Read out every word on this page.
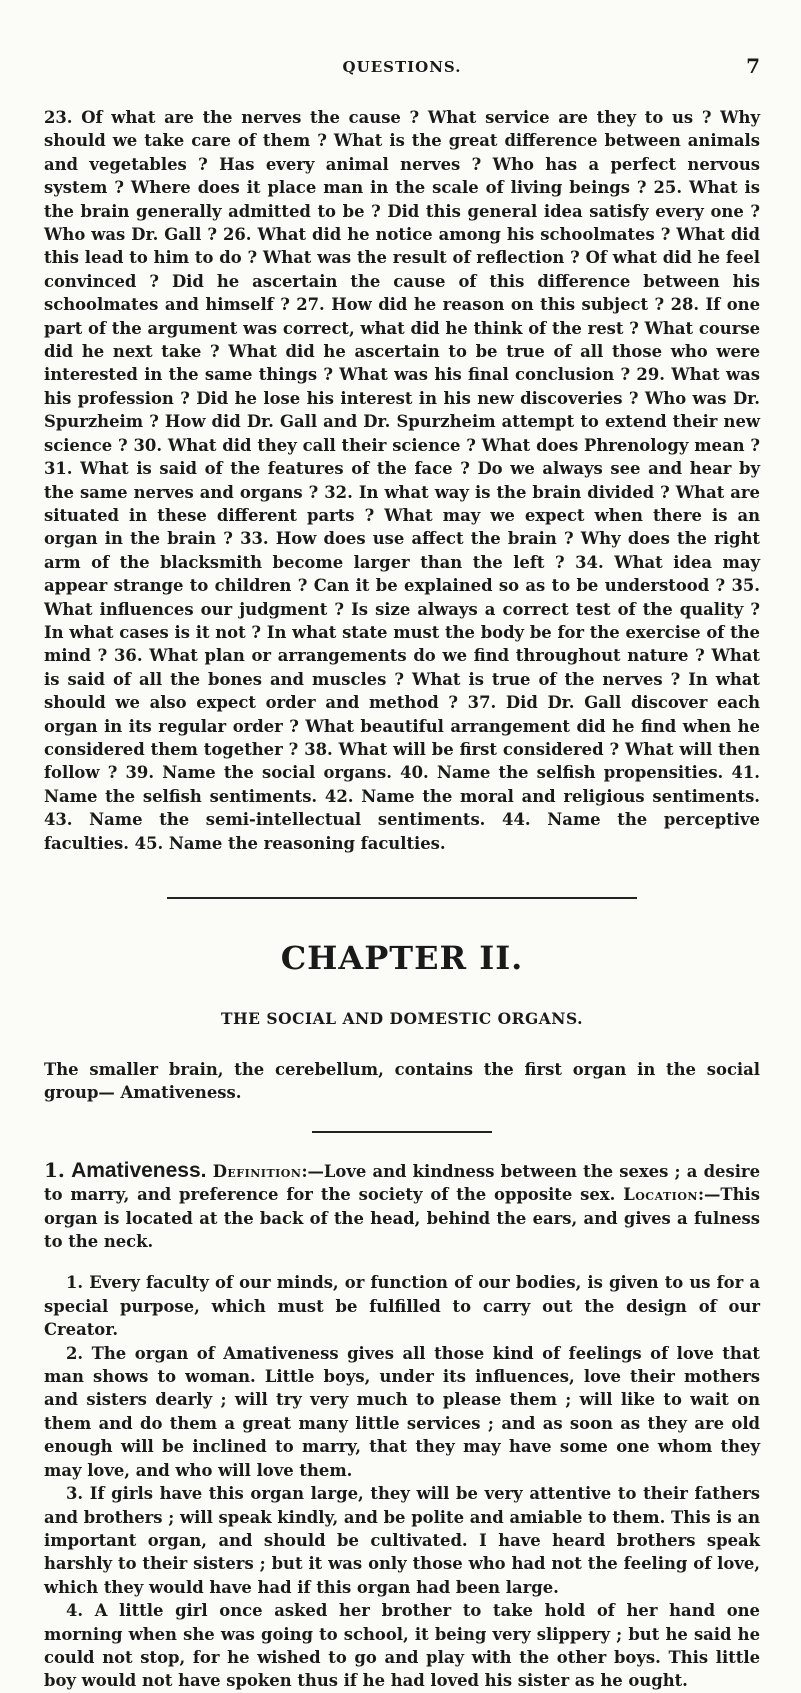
QUESTIONS.	7

23. Of what are the nerves the cause ? What service are they to us ? Why should we take care of them ? What is the great difference between animals and vegetables ? Has every animal nerves ? Who has a perfect nervous system ? Where does it place man in the scale of living beings ? 25. What is the brain generally admitted to be ? Did this general idea satisfy every one ? Who was Dr. Gall ? 26. What did he notice among his schoolmates ? What did this lead to him to do ? What was the result of reflection ? Of what did he feel convinced ? Did he ascertain the cause of this difference between his schoolmates and himself ? 27. How did he reason on this subject ? 28. If one part of the argument was correct, what did he think of the rest ? What course did he next take ? What did he ascertain to be true of all those who were interested in the same things ? What was his final conclusion ? 29. What was his profession ? Did he lose his interest in his new discoveries ? Who was Dr. Spurzheim ? How did Dr. Gall and Dr. Spurzheim attempt to extend their new science ? 30. What did they call their science ? What does Phrenology mean ? 31. What is said of the features of the face ? Do we always see and hear by the same nerves and organs ? 32. In what way is the brain divided ? What are situated in these different parts ? What may we expect when there is an organ in the brain ? 33. How does use affect the brain ? Why does the right arm of the blacksmith become larger than the left ? 34. What idea may appear strange to children ? Can it be explained so as to be understood ? 35. What influences our judgment ? Is size always a correct test of the quality ? In what cases is it not ? In what state must the body be for the exercise of the mind ? 36. What plan or arrangements do we find throughout nature ? What is said of all the bones and muscles ? What is true of the nerves ? In what should we also expect order and method ? 37. Did Dr. Gall discover each organ in its regular order ? What beautiful arrangement did he find when he considered them together ? 38. What will be first considered ? What will then follow ? 39. Name the social organs. 40. Name the selfish propensities. 41. Name the selfish sentiments. 42. Name the moral and religious sentiments. 43. Name the semi-intellectual sentiments. 44. Name the perceptive faculties. 45. Name the reasoning faculties.

CHAPTER II.
THE SOCIAL AND DOMESTIC ORGANS.

The smaller brain, the cerebellum, contains the first organ in the social group— Amativeness.

1. Amativeness. Definition:—Love and kindness between the sexes ; a desire to marry, and preference for the society of the opposite sex. Location:—This organ is located at the back of the head, behind the ears, and gives a fulness to the neck.

1. Every faculty of our minds, or function of our bodies, is given to us for a special purpose, which must be fulfilled to carry out the design of our Creator.

2. The organ of Amativeness gives all those kind of feelings of love that man shows to woman. Little boys, under its influences, love their mothers and sisters dearly ; will try very much to please them ; will like to wait on them and do them a great many little services ; and as soon as they are old enough will be inclined to marry, that they may have some one whom they may love, and who will love them.

3. If girls have this organ large, they will be very attentive to their fathers and brothers ; will speak kindly, and be polite and amiable to them. This is an important organ, and should be cultivated. I have heard brothers speak harshly to their sisters ; but it was only those who had not the feeling of love, which they would have had if this organ had been large.

4. A little girl once asked her brother to take hold of her hand one morning when she was going to school, it being very slippery ; but he said he could not stop, for he wished to go and play with the other boys. This little boy would not have spoken thus if he had loved his sister as he ought.
